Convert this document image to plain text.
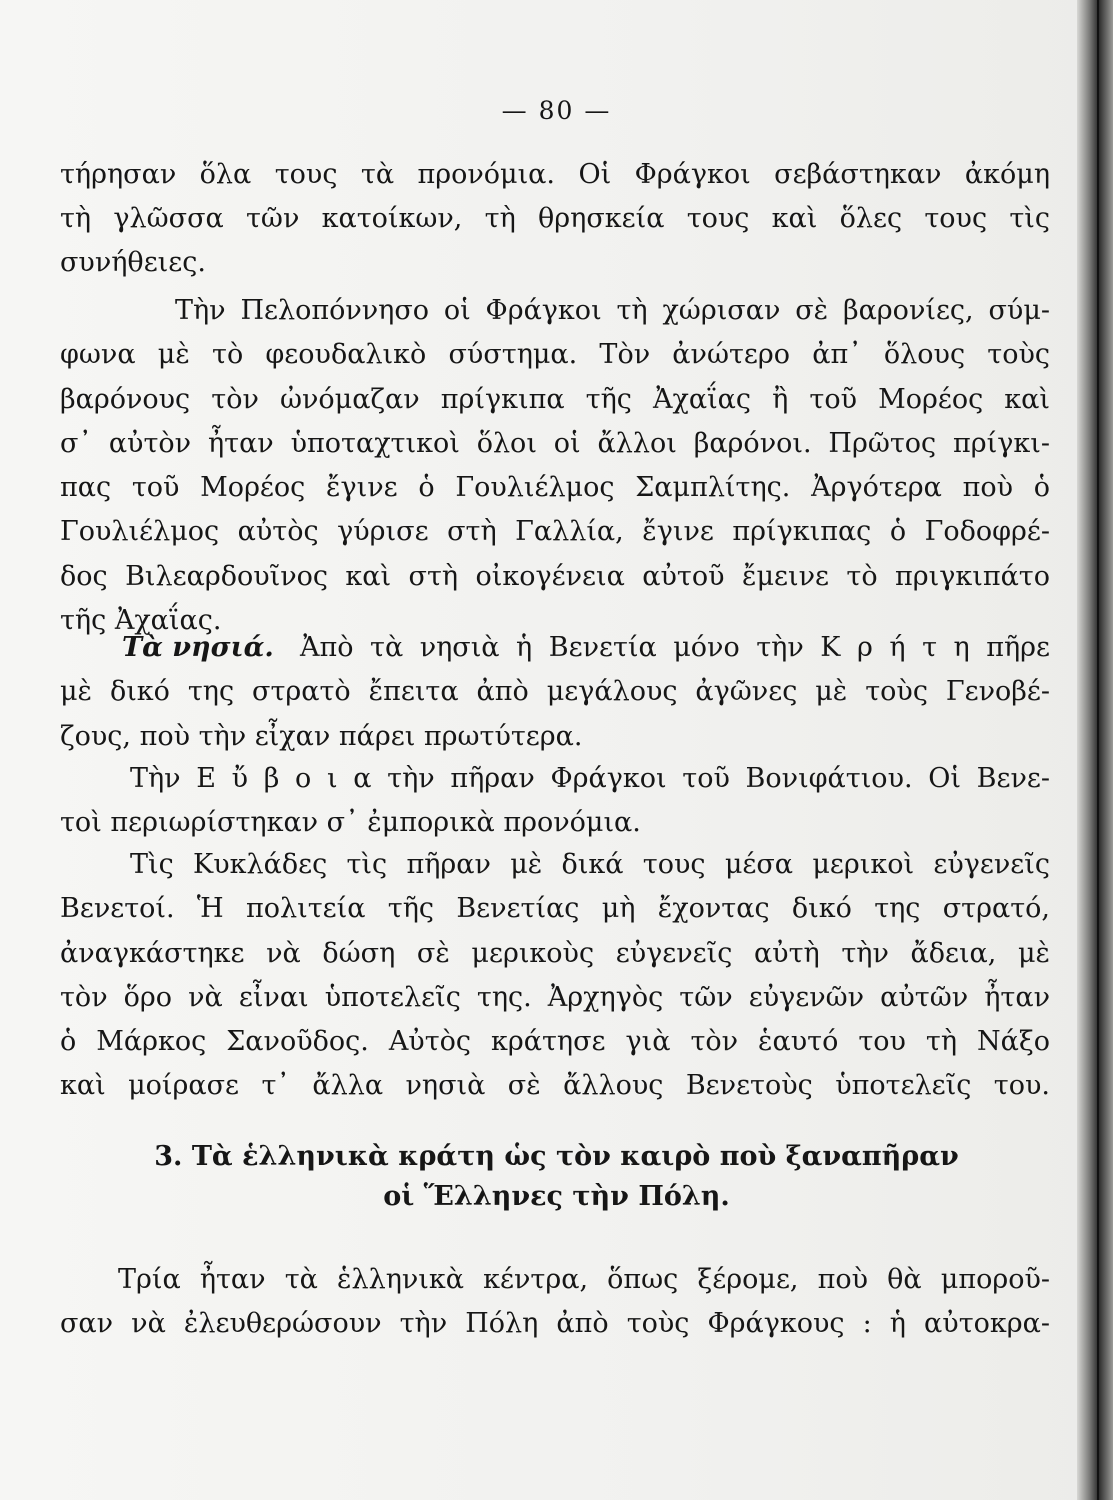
— 80 —
τήρησαν ὅλα τους τὰ προνόμια. Οἱ Φράγκοι σεβάστηκαν ἀκόμη
τὴ γλῶσσα τῶν κατοίκων, τὴ θρησκεία τους καὶ ὅλες τους τὶς
συνήθειες.
Τὴν Πελοπόννησο οἱ Φράγκοι τὴ χώρισαν σὲ βαρονίες, σύμ-
φωνα μὲ τὸ φεουδαλικὸ σύστημα. Τὸν ἀνώτερο ἀπ᾿ ὅλους τοὺς
βαρόνους τὸν ὠνόμαζαν πρίγκιπα τῆς Ἀχαΐας ἢ τοῦ Μορέος καὶ
σ᾿ αὐτὸν ἦταν ὑποταχτικοὶ ὅλοι οἱ ἄλλοι βαρόνοι. Πρῶτος πρίγκι-
πας τοῦ Μορέος ἔγινε ὁ Γουλιέλμος Σαμπλίτης. Ἀργότερα ποὺ ὁ
Γουλιέλμος αὐτὸς γύρισε στὴ Γαλλία, ἔγινε πρίγκιπας ὁ Γοδοφρέ-
δος Βιλεαρδουῖνος καὶ στὴ οἰκογένεια αὐτοῦ ἔμεινε τὸ πριγκιπάτο
τῆς Ἀχαΐας.
Τὰ νησιά. Ἀπὸ τὰ νησιὰ ἡ Βενετία μόνο τὴν Κ ρ ή τ η πῆρε
μὲ δικό της στρατὸ ἔπειτα ἀπὸ μεγάλους ἀγῶνες μὲ τοὺς Γενοβέ-
ζους, ποὺ τὴν εἶχαν πάρει πρωτύτερα.
Τὴν Ε ὔ β ο ι α τὴν πῆραν Φράγκοι τοῦ Βονιφάτιου. Οἱ Βενε-
τοὶ περιωρίστηκαν σ᾿ ἐμπορικὰ προνόμια.
Τὶς Κυκλάδες τὶς πῆραν μὲ δικά τους μέσα μερικοὶ εὐγενεῖς
Βενετοί. Ἡ πολιτεία τῆς Βενετίας μὴ ἔχοντας δικό της στρατό,
ἀναγκάστηκε νὰ δώση σὲ μερικοὺς εὐγενεῖς αὐτὴ τὴν ἄδεια, μὲ
τὸν ὅρο νὰ εἶναι ὑποτελεῖς της. Ἀρχηγὸς τῶν εὐγενῶν αὐτῶν ἦταν
ὁ Μάρκος Σανοῦδος. Αὐτὸς κράτησε γιὰ τὸν ἑαυτό του τὴ Νάξο
καὶ μοίρασε τ᾿ ἄλλα νησιὰ σὲ ἄλλους Βενετοὺς ὑποτελεῖς του.
3. Τὰ ἑλληνικὰ κράτη ὡς τὸν καιρὸ ποὺ ξαναπῆραν
οἱ Ἕλληνες τὴν Πόλη.
Τρία ἦταν τὰ ἑλληνικὰ κέντρα, ὅπως ξέρομε, ποὺ θὰ μποροῦ-
σαν νὰ ἐλευθερώσουν τὴν Πόλη ἀπὸ τοὺς Φράγκους : ἡ αὐτοκρα-
